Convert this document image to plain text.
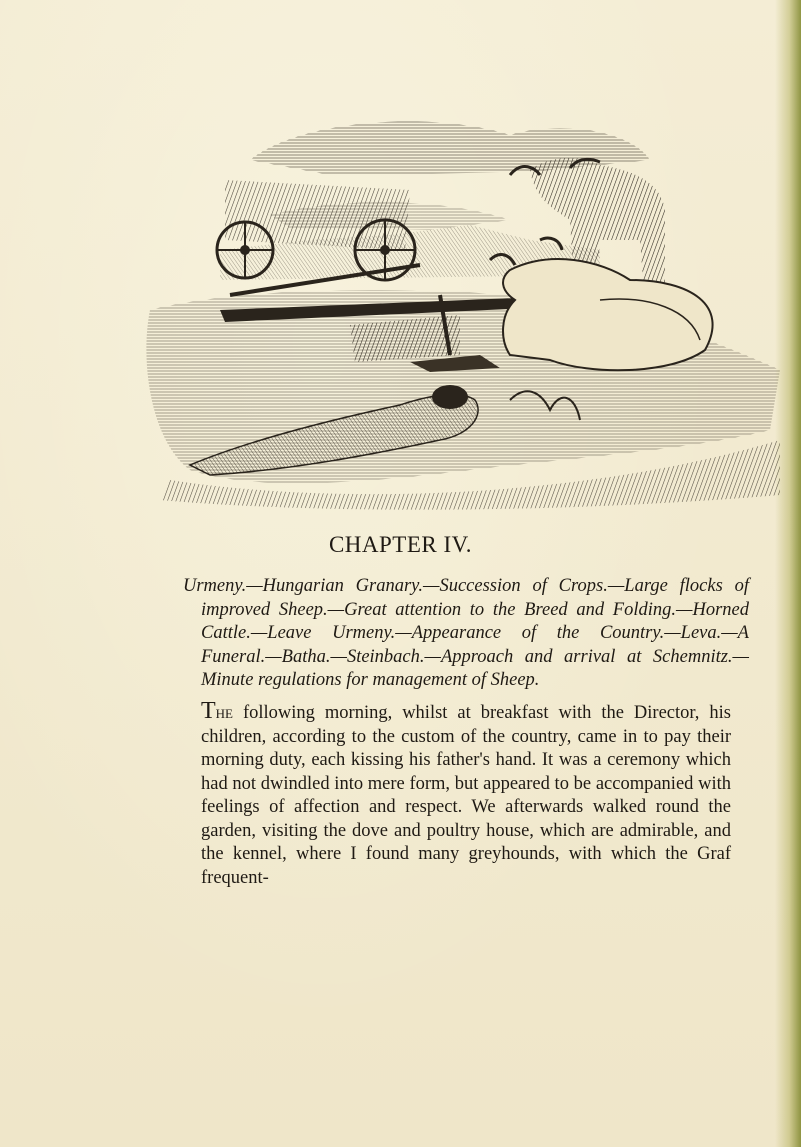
CHAPTER IV.
Urmeny.—Hungarian Granary.—Succession of Crops.—Large flocks of improved Sheep.—Great attention to the Breed and Folding.—Horned Cattle.—Leave Urmeny.—Appearance of the Country.—Leva.—A Funeral.—Batha.—Steinbach.—Approach and arrival at Schemnitz.—Minute regulations for management of Sheep.
The following morning, whilst at breakfast with the Director, his children, according to the custom of the country, came in to pay their morning duty, each kissing his father's hand. It was a ceremony which had not dwindled into mere form, but appeared to be accompanied with feelings of affection and respect. We afterwards walked round the garden, visiting the dove and poultry house, which are admirable, and the kennel, where I found many greyhounds, with which the Graf frequent-
